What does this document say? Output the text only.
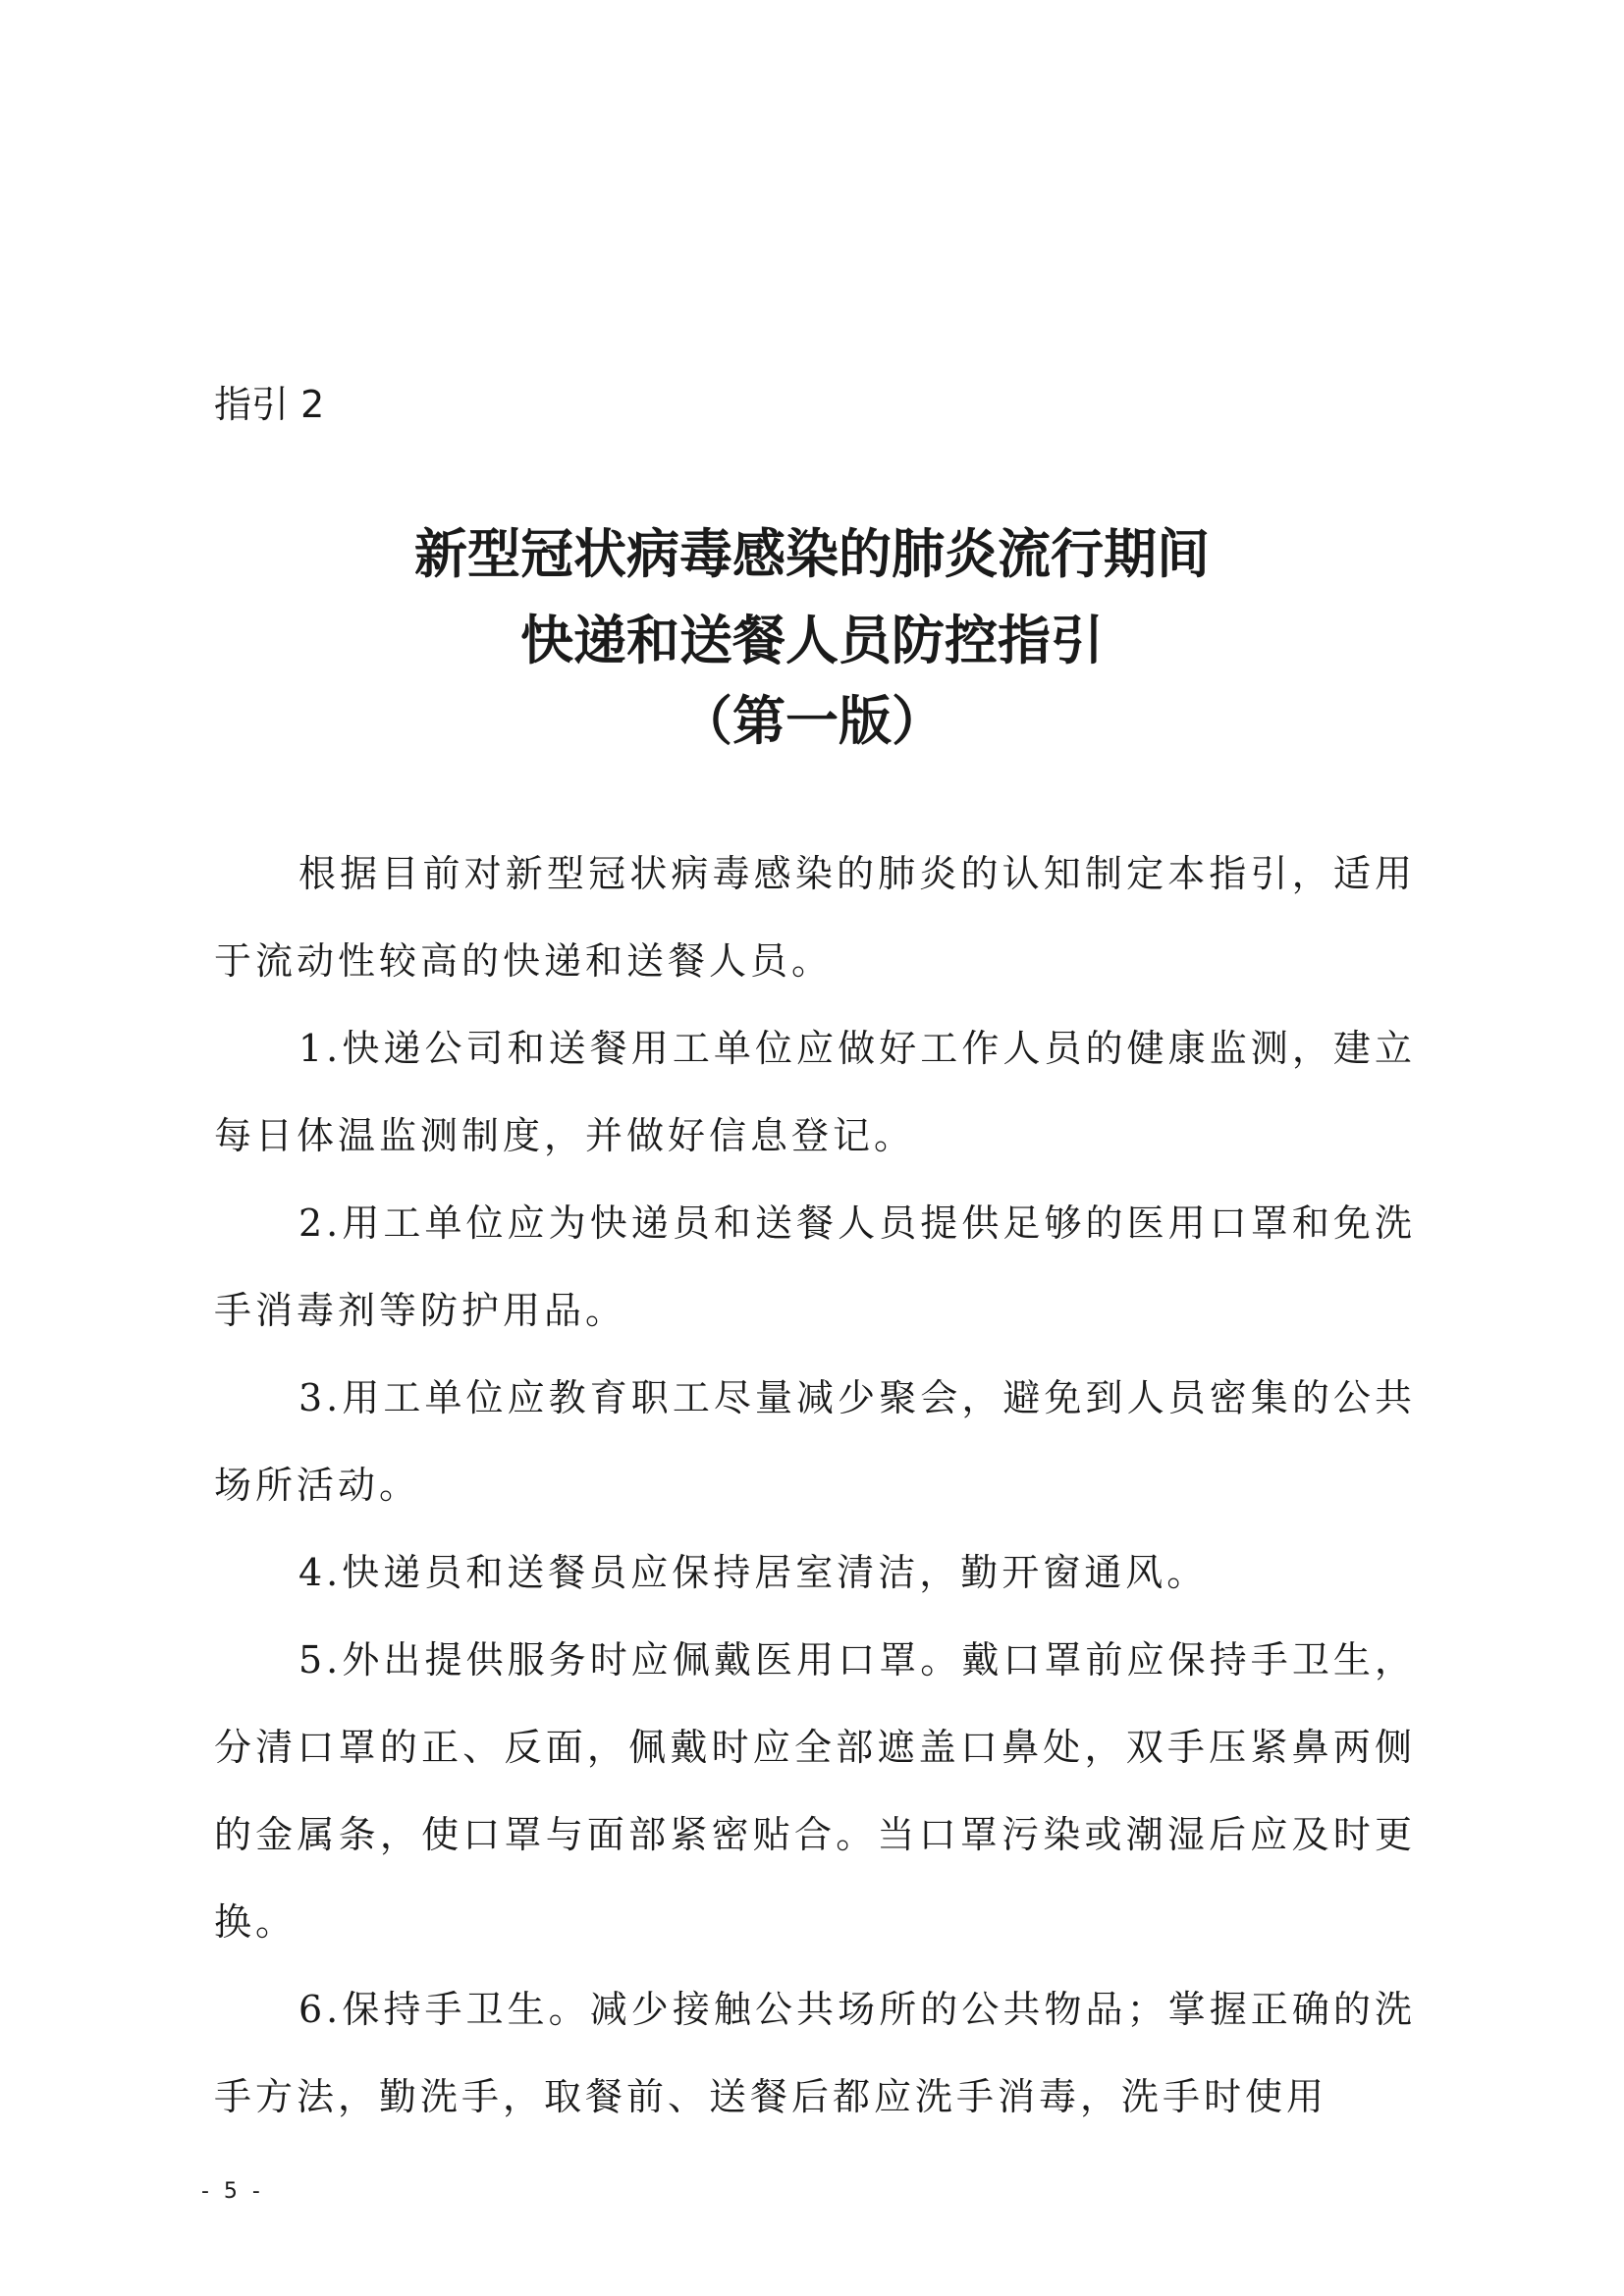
指引 2
新型冠状病毒感染的肺炎流行期间
快递和送餐人员防控指引
（第一版）

根据目前对新型冠状病毒感染的肺炎的认知制定本指引，适用于流动性较高的快递和送餐人员。

1.快递公司和送餐用工单位应做好工作人员的健康监测，建立每日体温监测制度，并做好信息登记。

2.用工单位应为快递员和送餐人员提供足够的医用口罩和免洗手消毒剂等防护用品。

3.用工单位应教育职工尽量减少聚会，避免到人员密集的公共场所活动。

4.快递员和送餐员应保持居室清洁，勤开窗通风。

5.外出提供服务时应佩戴医用口罩。戴口罩前应保持手卫生，分清口罩的正、反面，佩戴时应全部遮盖口鼻处，双手压紧鼻两侧的金属条，使口罩与面部紧密贴合。当口罩污染或潮湿后应及时更换。

6.保持手卫生。减少接触公共场所的公共物品；掌握正确的洗手方法，勤洗手，取餐前、送餐后都应洗手消毒，洗手时使用

- 5 -
